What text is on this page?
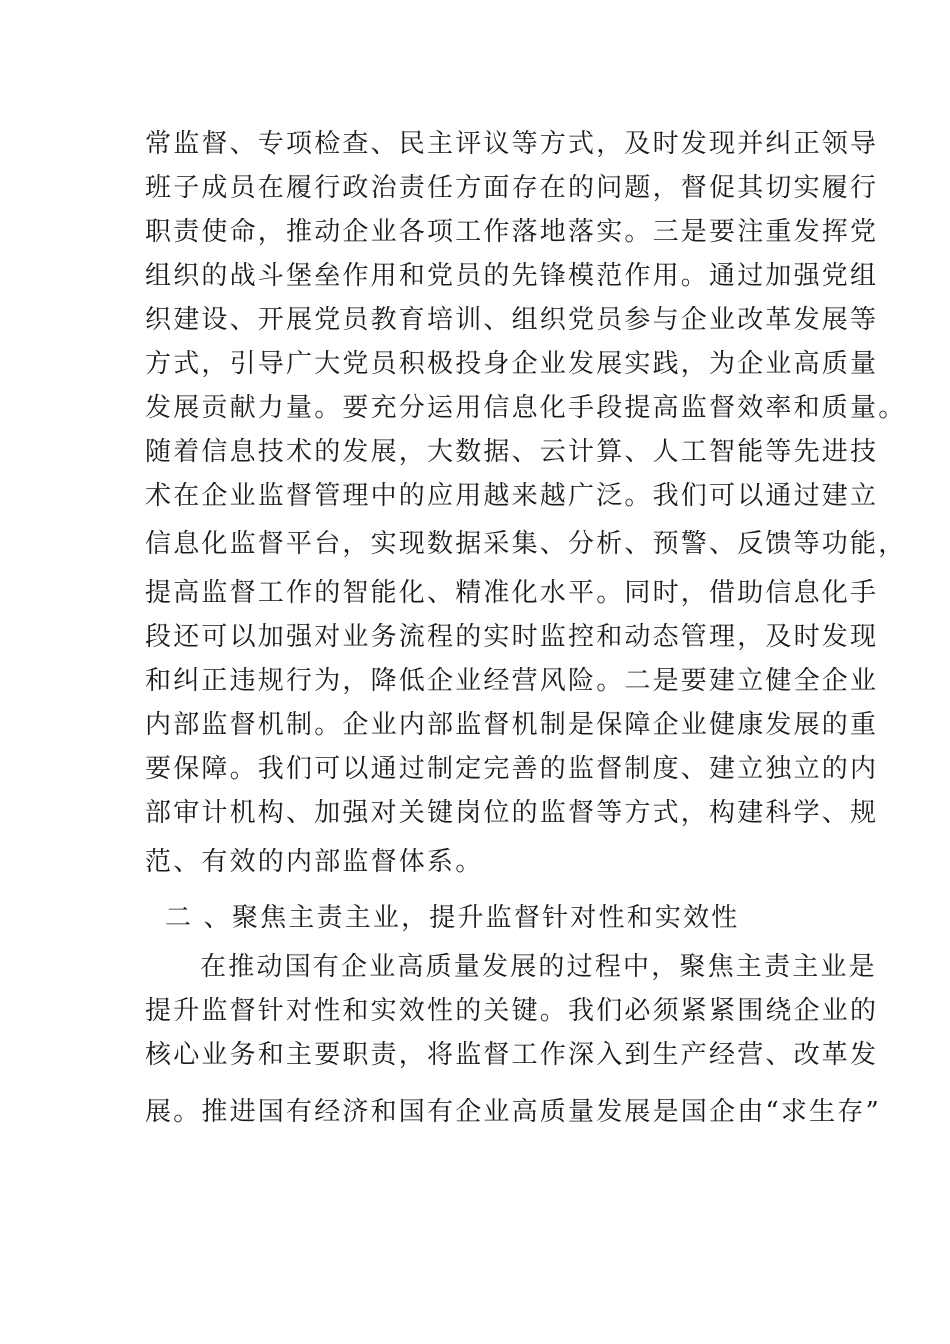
常监督、专项检查、民主评议等方式，及时发现并纠正领导
班子成员在履行政治责任方面存在的问题，督促其切实履行
职责使命，推动企业各项工作落地落实。三是要注重发挥党
组织的战斗堡垒作用和党员的先锋模范作用。通过加强党组
织建设、开展党员教育培训、组织党员参与企业改革发展等
方式，引导广大党员积极投身企业发展实践，为企业高质量
发展贡献力量。要充分运用信息化手段提高监督效率和质量。
随着信息技术的发展，大数据、云计算、人工智能等先进技
术在企业监督管理中的应用越来越广泛。我们可以通过建立
信息化监督平台，实现数据采集、分析、预警、反馈等功能，
提高监督工作的智能化、精准化水平。同时，借助信息化手
段还可以加强对业务流程的实时监控和动态管理，及时发现
和纠正违规行为，降低企业经营风险。二是要建立健全企业
内部监督机制。企业内部监督机制是保障企业健康发展的重
要保障。我们可以通过制定完善的监督制度、建立独立的内
部审计机构、加强对关键岗位的监督等方式，构建科学、规
范、有效的内部监督体系。
二 、聚焦主责主业，提升监督针对性和实效性
在推动国有企业高质量发展的过程中，聚焦主责主业是
提升监督针对性和实效性的关键。我们必须紧紧围绕企业的
核心业务和主要职责，将监督工作深入到生产经营、改革发
展。推进国有经济和国有企业高质量发展是国企由“求生存”
